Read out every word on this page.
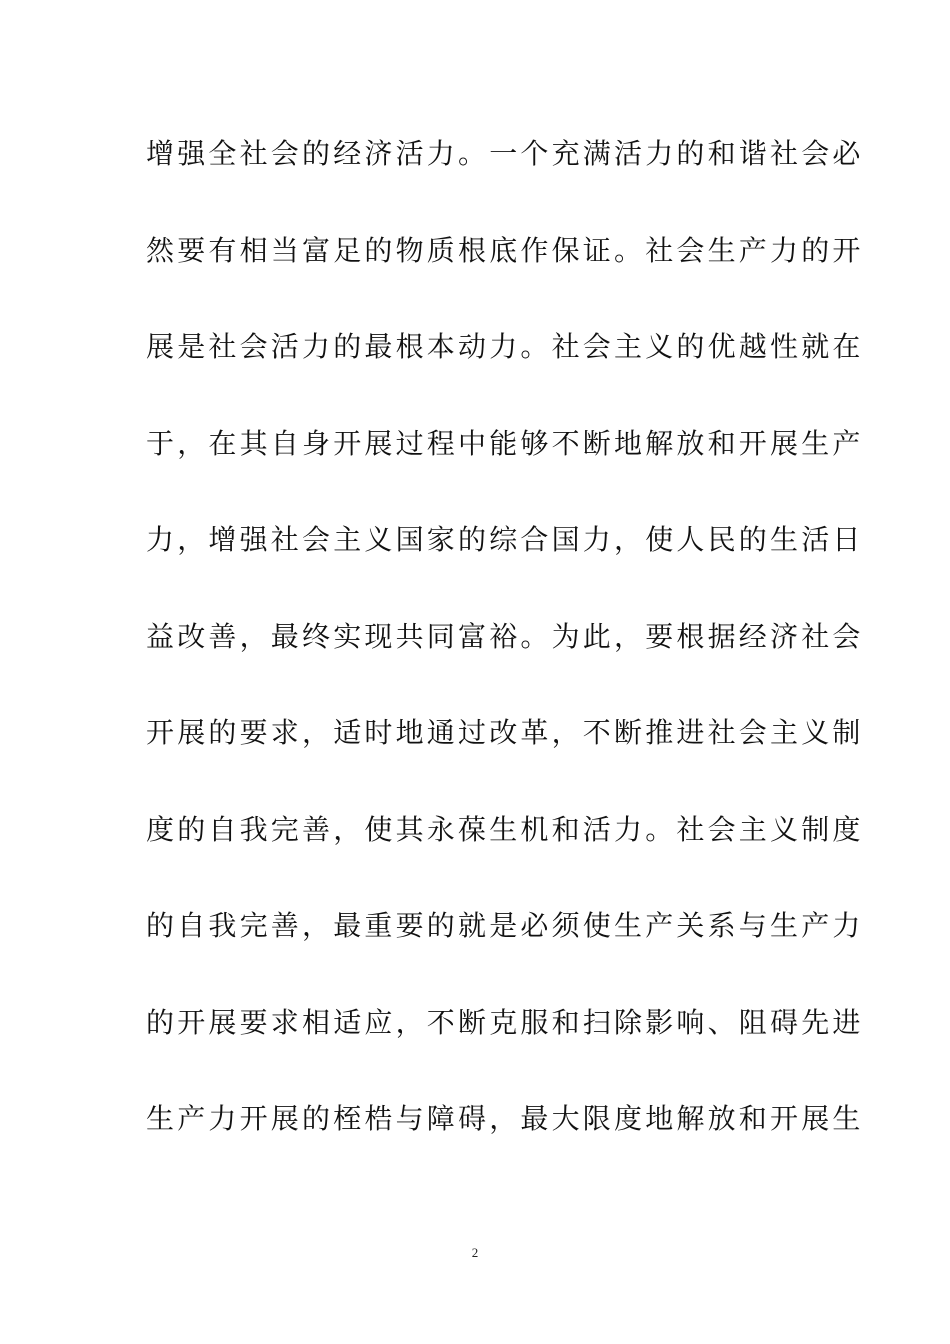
增强全社会的经济活力。一个充满活力的和谐社会必
然要有相当富足的物质根底作保证。社会生产力的开
展是社会活力的最根本动力。社会主义的优越性就在
于，在其自身开展过程中能够不断地解放和开展生产
力，增强社会主义国家的综合国力，使人民的生活日
益改善，最终实现共同富裕。为此，要根据经济社会
开展的要求，适时地通过改革，不断推进社会主义制
度的自我完善，使其永葆生机和活力。社会主义制度
的自我完善，最重要的就是必须使生产关系与生产力
的开展要求相适应，不断克服和扫除影响、阻碍先进
生产力开展的桎梏与障碍，最大限度地解放和开展生
2
